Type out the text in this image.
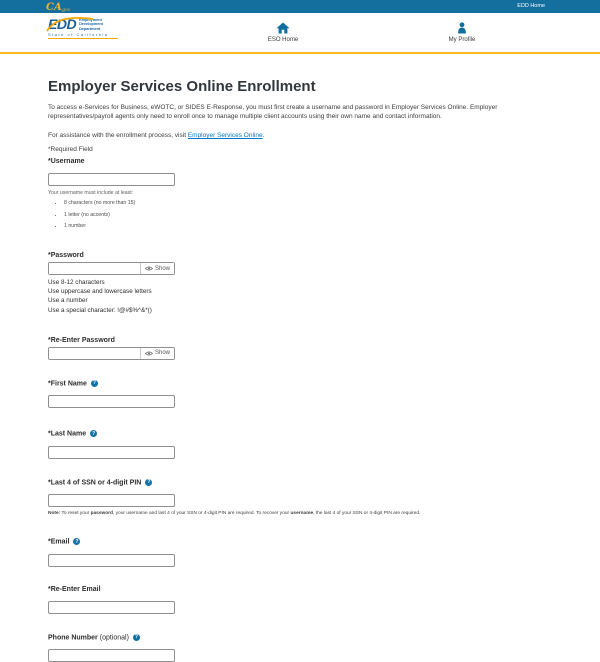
CA.gov
EDD Home
EDD Employment
Development
Department
State of California
ESO Home	My Profile
Employer Services Online Enrollment

To access e-Services for Business, eWOTC, or SIDES E-Response, you must first create a username and password in Employer Services Online. Employer representatives/payroll agents only need to enroll once to manage multiple client accounts using their own name and contact information.

For assistance with the enrollment process, visit Employer Services Online.

*Required Field

*Username
Your username must include at least:
• 8 characters (no more than 15)
• 1 letter (no accents)
• 1 number
*Password
Show
Use 8-12 characters
Use uppercase and lowercase letters
Use a number
Use a special character: !@#$%^&*()
*Re-Enter Password
Show
*First Name ?
*Last Name ?
*Last 4 of SSN or 4-digit PIN ?
Note: To reset your password, your username and last 4 of your SSN or 4-digit PIN are required. To recover your username, the last 4 of your SSN or 4-digit PIN are required.
*Email ?
*Re-Enter Email
Phone Number (optional) ?
